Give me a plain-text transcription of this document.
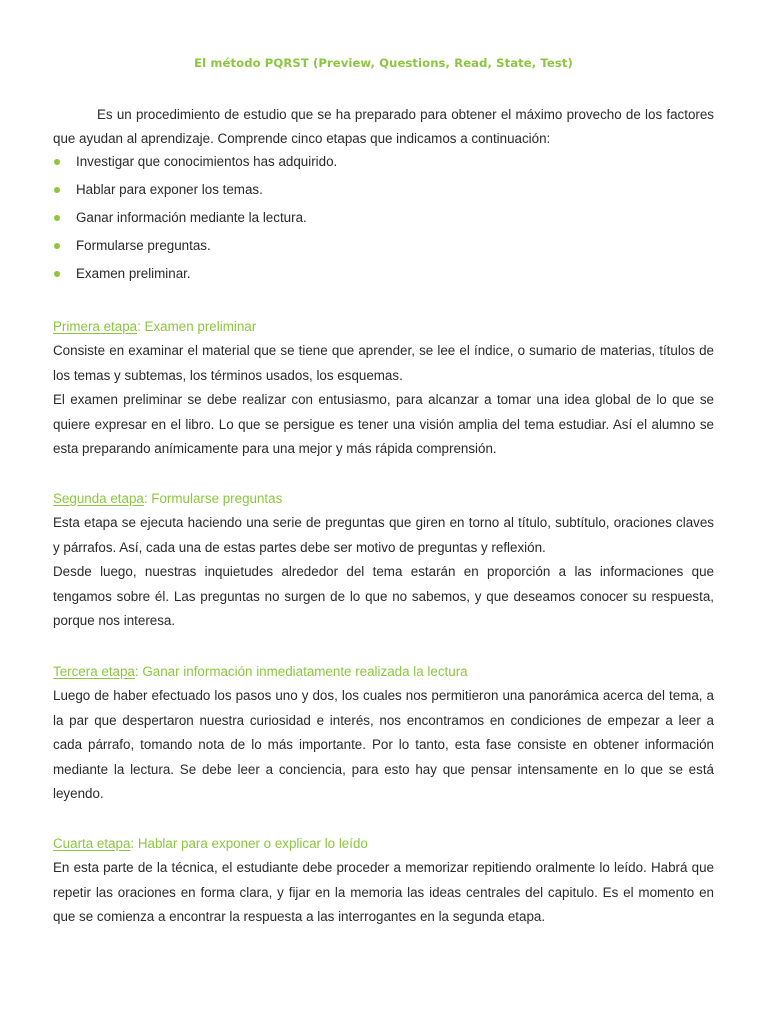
El método PQRST (Preview, Questions, Read, State, Test)

Es un procedimiento de estudio que se ha preparado para obtener el máximo provecho de los factores que ayudan al aprendizaje. Comprende cinco etapas que indicamos a continuación:

Investigar que conocimientos has adquirido.
Hablar para exponer los temas.
Ganar información mediante la lectura.
Formularse preguntas.
Examen preliminar.
Primera etapa: Examen preliminar

Consiste en examinar el material que se tiene que aprender, se lee el índice, o sumario de materias, títulos de los temas y subtemas, los términos usados, los esquemas.

El examen preliminar se debe realizar con entusiasmo, para alcanzar a tomar una idea global de lo que se quiere expresar en el libro. Lo que se persigue es tener una visión amplia del tema estudiar. Así el alumno se esta preparando anímicamente para una mejor y más rápida comprensión.

Segunda etapa: Formularse preguntas

Esta etapa se ejecuta haciendo una serie de preguntas que giren en torno al título, subtítulo, oraciones claves y párrafos. Así, cada una de estas partes debe ser motivo de preguntas y reflexión.

Desde luego, nuestras inquietudes alrededor del tema estarán en proporción a las informaciones que tengamos sobre él. Las preguntas no surgen de lo que no sabemos, y que deseamos conocer su respuesta, porque nos interesa.

Tercera etapa: Ganar información inmediatamente realizada la lectura

Luego de haber efectuado los pasos uno y dos, los cuales nos permitieron una panorámica acerca del tema, a la par que despertaron nuestra curiosidad e interés, nos encontramos en condiciones de empezar a leer a cada párrafo, tomando nota de lo más importante. Por lo tanto, esta fase consiste en obtener información mediante la lectura. Se debe leer a conciencia, para esto hay que pensar intensamente en lo que se está leyendo.

Cuarta etapa: Hablar para exponer o explicar lo leído

En esta parte de la técnica, el estudiante debe proceder a memorizar repitiendo oralmente lo leído. Habrá que repetir las oraciones en forma clara, y fijar en la memoria las ideas centrales del capitulo. Es el momento en que se comienza a encontrar la respuesta a las interrogantes en la segunda etapa.
